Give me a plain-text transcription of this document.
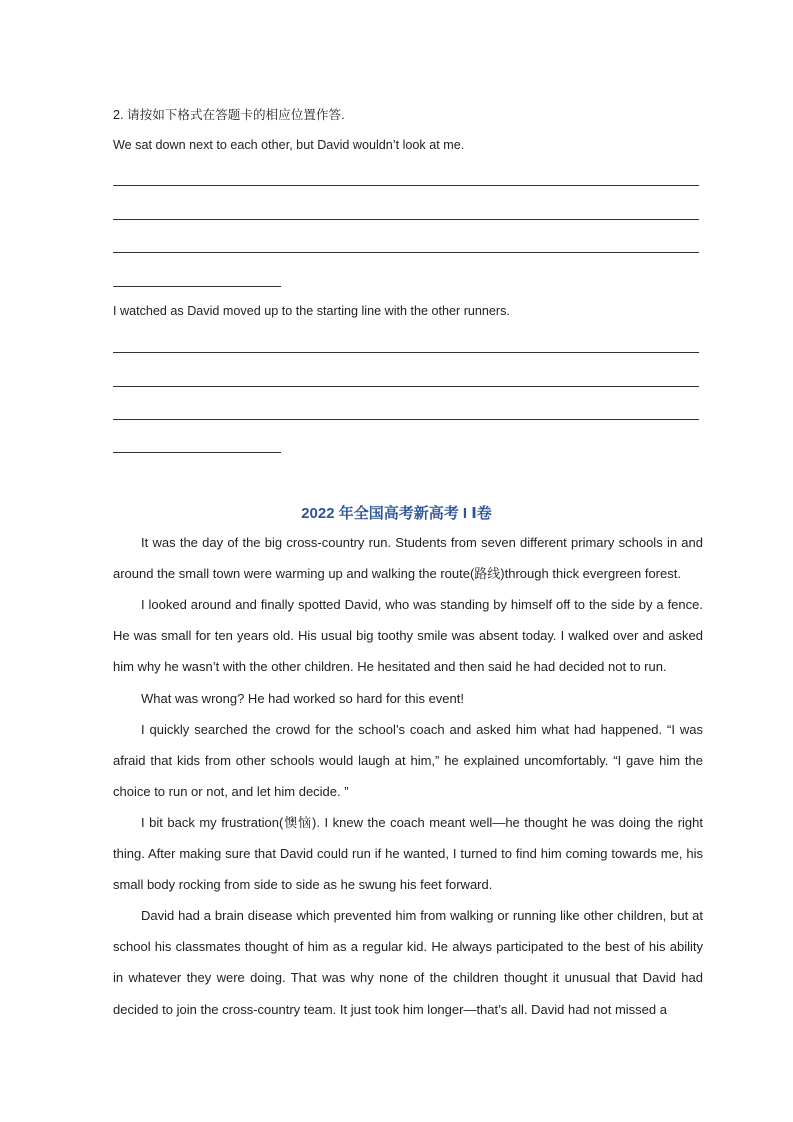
2. 请按如下格式在答题卡的相应位置作答.
We sat down next to each other, but David wouldn’t look at me.
I watched as David moved up to the starting line with the other runners.
2022 年全国高考新高考 I Ⅰ卷
It was the day of the big cross-country run. Students from seven different primary schools in and around the small town were warming up and walking the route(路线)through thick evergreen forest.
I looked around and finally spotted David, who was standing by himself off to the side by a fence. He was small for ten years old. His usual big toothy smile was absent today. I walked over and asked him why he wasn’t with the other children. He hesitated and then said he had decided not to run.
What was wrong? He had worked so hard for this event!
I quickly searched the crowd for the school’s coach and asked him what had happened. “I was afraid that kids from other schools would laugh at him,” he explained uncomfortably. “I gave him the choice to run or not, and let him decide. ”
I bit back my frustration(懊恼). I knew the coach meant well—he thought he was doing the right thing. After making sure that David could run if he wanted, I turned to find him coming towards me, his small body rocking from side to side as he swung his feet forward.
David had a brain disease which prevented him from walking or running like other children, but at school his classmates thought of him as a regular kid. He always participated to the best of his ability in whatever they were doing. That was why none of the children thought it unusual that David had decided to join the cross-country team. It just took him longer—that’s all. David had not missed a
